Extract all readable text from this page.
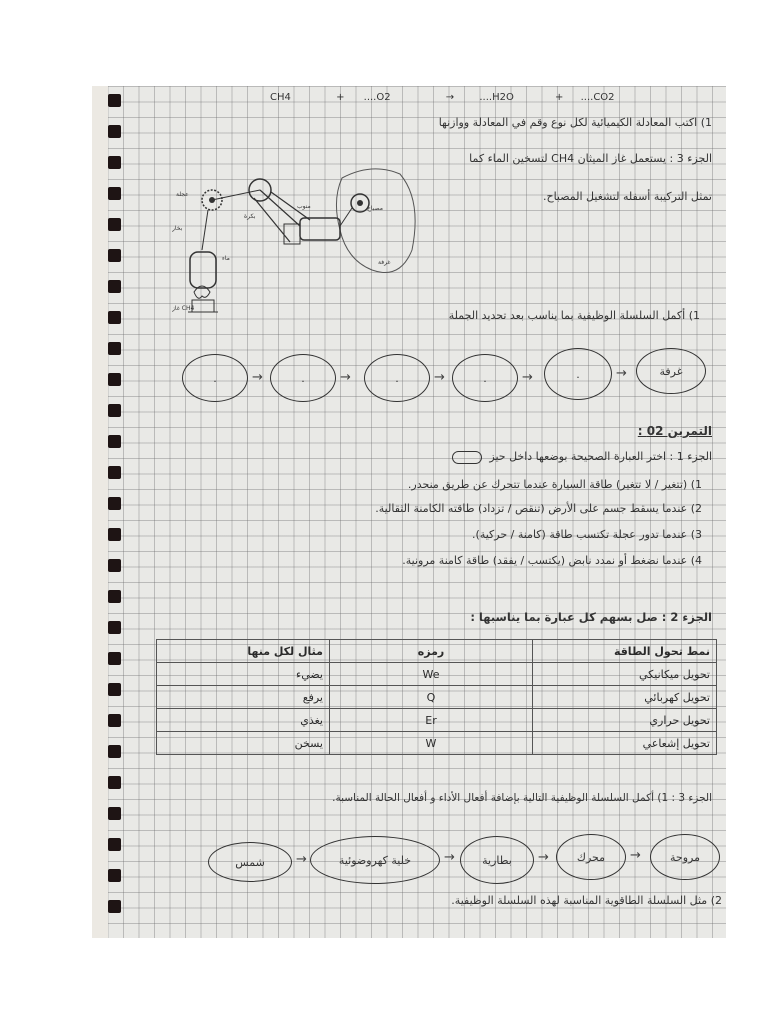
CH4	+ ....O2	→	....H2O	+ ....CO2
1) اكتب المعادلة الكيميائية لكل نوع وقم في المعادلة ووازنها
الجزء 3 : يستعمل غاز الميثان CH4 لتسخين الماء كما
تمثل التركيبة أسفله لتشغيل المصباح.
عجلة
بخار
ماء
غاز CH4
بكرة
منوب	مصباح
غرفة
1) أكمل السلسلة الوظيفية بما يناسب بعد تحديد الجملة
.	→	.	→	.	→	.	→	.	→	غرفة
التمرين 02 :
الجزء 1 : اختر العبارة الصحيحة بوضعها داخل حيز
1) (تتغير / لا تتغير) طاقة السيارة عندما تتحرك عن طريق منحدر.
2) عندما يسقط جسم على الأرض (تنقص / تزداد) طاقته الكامنة الثقالية.
3) عندما تدور عجلة تكتسب طاقة (كامنة / حركية).
4) عندما نضغط أو نمدد نابض (يكتسب / يفقد) طاقة كامنة مرونية.
الجزء 2 : صل بسهم كل عبارة بما يناسبها :
مثال لكل منها	رمزه	نمط تحول الطاقة
يضيء	We	تحويل ميكانيكي
يرفع	Q	تحويل كهربائي
يغذي	Er	تحويل حراري
يسخن	W	تحويل إشعاعي
الجزء 3 : 1) أكمل السلسلة الوظيفية التالية بإضافة أفعال الأداء و أفعال الحالة المناسبة.
شمس	→	خلية كهروضوئية	→	بطارية	→	محرك	→	مروحة
2) مثل السلسلة الطاقوية المناسبة لهذه السلسلة الوظيفية.
